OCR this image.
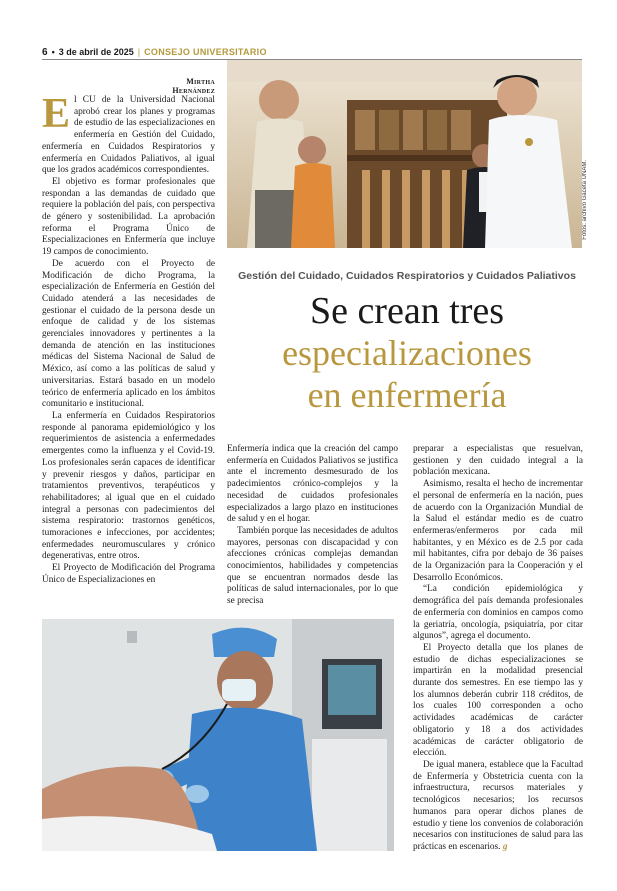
6 • 3 de abril de 2025 | CONSEJO UNIVERSITARIO
Mirtha Hernández
Fotos: archivo Gaceta UNAM.
Gestión del Cuidado, Cuidados Respiratorios y Cuidados Paliativos
Se crean tres
especializaciones
en enfermería

El CU de la Universidad Nacional aprobó crear los planes y programas de estudio de las especializaciones en enfermería en Gestión del Cuidado, enfermería en Cuidados Respiratorios y enfermería en Cuidados Paliativos, al igual que los grados académicos correspondientes.

El objetivo es formar profesionales que respondan a las demandas de cuidado que requiere la población del país, con perspectiva de género y sostenibilidad. La aprobación reforma el Programa Único de Especializaciones en Enfermería que incluye 19 campos de conocimiento.

De acuerdo con el Proyecto de Modificación de dicho Programa, la especialización de Enfermería en Gestión del Cuidado atenderá a las necesidades de gestionar el cuidado de la persona desde un enfoque de calidad y de los sistemas gerenciales innovadores y pertinentes a la demanda de atención en las instituciones médicas del Sistema Nacional de Salud de México, así como a las políticas de salud y universitarias. Estará basado en un modelo teórico de enfermería aplicado en los ámbitos comunitario e institucional.

La enfermería en Cuidados Respiratorios responde al panorama epidemiológico y los requerimientos de asistencia a enfermedades emergentes como la influenza y el Covid-19. Los profesionales serán capaces de identificar y prevenir riesgos y daños, participar en tratamientos preventivos, terapéuticos y rehabilitadores; al igual que en el cuidado integral a personas con padecimientos del sistema respiratorio: trastornos genéticos, tumoraciones e infecciones, por accidentes; enfermedades neuromusculares y crónico degenerativas, entre otros.

El Proyecto de Modificación del Programa Único de Especializaciones en

Enfermería indica que la creación del campo enfermería en Cuidados Paliativos se justifica ante el incremento desmesurado de los padecimientos crónico-complejos y la necesidad de cuidados profesionales especializados a largo plazo en instituciones de salud y en el hogar.

También porque las necesidades de adultos mayores, personas con discapacidad y con afecciones crónicas complejas demandan conocimientos, habilidades y competencias que se encuentran normados desde las políticas de salud internacionales, por lo que se precisa

preparar a especialistas que resuelvan, gestionen y den cuidado integral a la población mexicana.

Asimismo, resalta el hecho de incrementar el personal de enfermería en la nación, pues de acuerdo con la Organización Mundial de la Salud el estándar medio es de cuatro enfermeras/enfermeros por cada mil habitantes, y en México es de 2.5 por cada mil habitantes, cifra por debajo de 36 países de la Organización para la Cooperación y el Desarrollo Económicos.

“La condición epidemiológica y demográfica del país demanda profesionales de enfermería con dominios en campos como la geriatría, oncología, psiquiatría, por citar algunos”, agrega el documento.

El Proyecto detalla que los planes de estudio de dichas especializaciones se impartirán en la modalidad presencial durante dos semestres. En ese tiempo las y los alumnos deberán cubrir 118 créditos, de los cuales 100 corresponden a ocho actividades académicas de carácter obligatorio y 18 a dos actividades académicas de carácter obligatorio de elección.

De igual manera, establece que la Facultad de Enfermería y Obstetricia cuenta con la infraestructura, recursos materiales y tecnológicos necesarios; los recursos humanos para operar dichos planes de estudio y tiene los convenios de colaboración necesarios con instituciones de salud para las prácticas en escenarios. g
